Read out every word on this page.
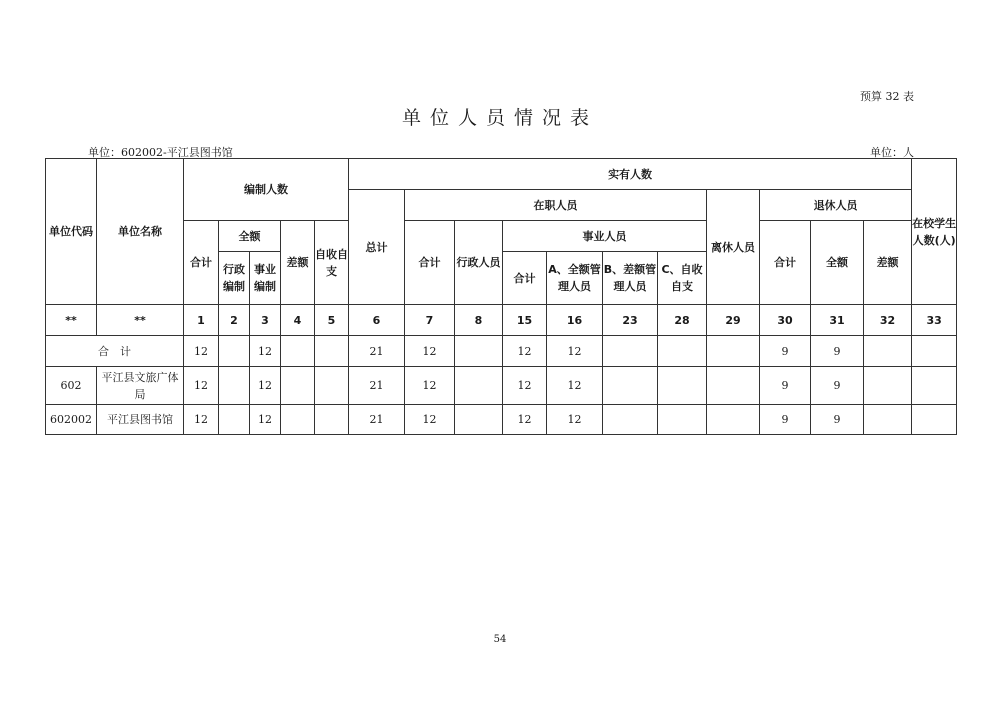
预算 32 表
单位人员情况表
单位：602002-平江县图书馆	单位：人
单位代码	单位名称	编制人数					实有人数											在校学生人数(人)
							总计	在职人员						离休人员	退休人员			
		合计	全额		差额	自收自支		合计	行政人员	事业人员					合计	全额	差额	
			行政编制	事业编制						合计	A、全额管理人员	B、差额管理人员	C、自收自支					
**	**	1	2	3	4	5	6	7	8	15	16	23	28	29	30	31	32	33
合　计		12		12			21	12		12	12				9	9		
602	平江县文旅广体局	12		12			21	12		12	12				9	9		
602002	平江县图书馆	12		12			21	12		12	12				9	9		
54
